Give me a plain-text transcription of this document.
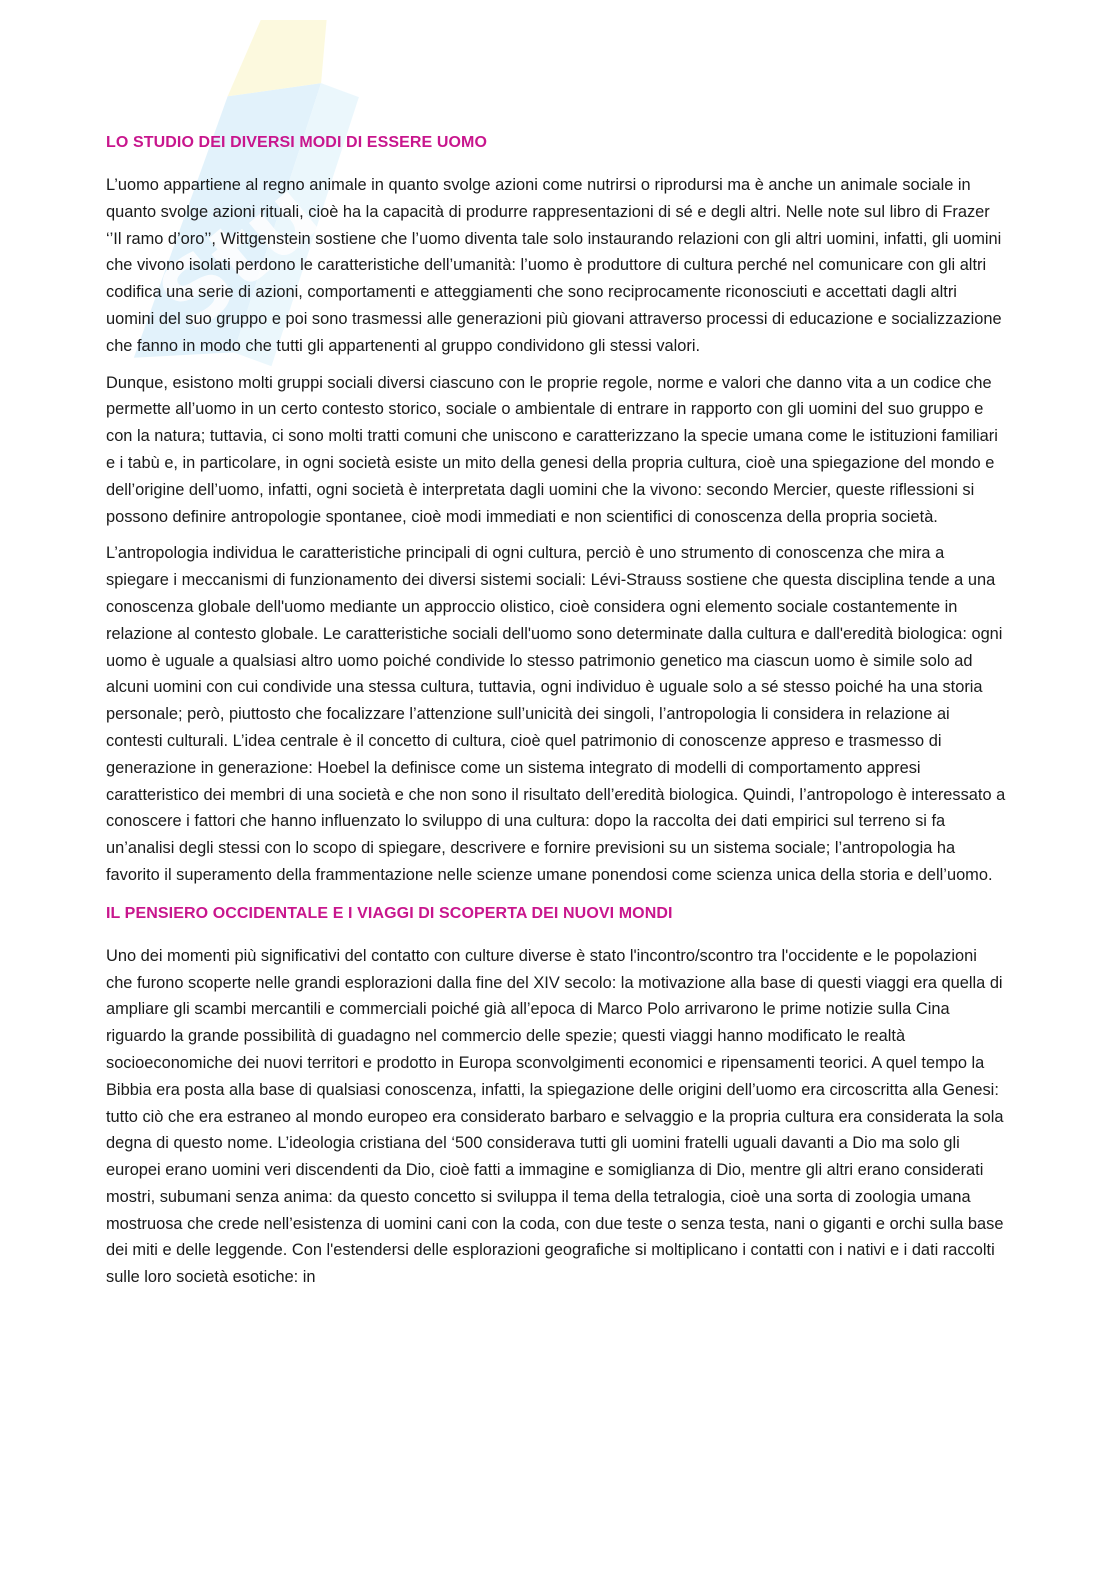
Stu
LO STUDIO DEI DIVERSI MODI DI ESSERE UOMO

L’uomo appartiene al regno animale in quanto svolge azioni come nutrirsi o riprodursi ma è anche un animale sociale in quanto svolge azioni rituali, cioè ha la capacità di produrre rappresentazioni di sé e degli altri. Nelle note sul libro di Frazer ‘’Il ramo d’oro’’, Wittgenstein sostiene che l’uomo diventa tale solo instaurando relazioni con gli altri uomini, infatti, gli uomini che vivono isolati perdono le caratteristiche dell’umanità: l’uomo è produttore di cultura perché nel comunicare con gli altri codifica una serie di azioni, comportamenti e atteggiamenti che sono reciprocamente riconosciuti e accettati dagli altri uomini del suo gruppo e poi sono trasmessi alle generazioni più giovani attraverso processi di educazione e socializzazione che fanno in modo che tutti gli appartenenti al gruppo condividono gli stessi valori.

Dunque, esistono molti gruppi sociali diversi ciascuno con le proprie regole, norme e valori che danno vita a un codice che permette all’uomo in un certo contesto storico, sociale o ambientale di entrare in rapporto con gli uomini del suo gruppo e con la natura; tuttavia, ci sono molti tratti comuni che uniscono e caratterizzano la specie umana come le istituzioni familiari e i tabù e, in particolare, in ogni società esiste un mito della genesi della propria cultura, cioè una spiegazione del mondo e dell’origine dell’uomo, infatti, ogni società è interpretata dagli uomini che la vivono: secondo Mercier, queste riflessioni si possono definire antropologie spontanee, cioè modi immediati e non scientifici di conoscenza della propria società.

L’antropologia individua le caratteristiche principali di ogni cultura, perciò è uno strumento di conoscenza che mira a spiegare i meccanismi di funzionamento dei diversi sistemi sociali: Lévi-Strauss sostiene che questa disciplina tende a una conoscenza globale dell'uomo mediante un approccio olistico, cioè considera ogni elemento sociale costantemente in relazione al contesto globale. Le caratteristiche sociali dell'uomo sono determinate dalla cultura e dall'eredità biologica: ogni uomo è uguale a qualsiasi altro uomo poiché condivide lo stesso patrimonio genetico ma ciascun uomo è simile solo ad alcuni uomini con cui condivide una stessa cultura, tuttavia, ogni individuo è uguale solo a sé stesso poiché ha una storia personale; però, piuttosto che focalizzare l’attenzione sull’unicità dei singoli, l’antropologia li considera in relazione ai contesti culturali. L’idea centrale è il concetto di cultura, cioè quel patrimonio di conoscenze appreso e trasmesso di generazione in generazione: Hoebel la definisce come un sistema integrato di modelli di comportamento appresi caratteristico dei membri di una società e che non sono il risultato dell’eredità biologica. Quindi, l’antropologo è interessato a conoscere i fattori che hanno influenzato lo sviluppo di una cultura: dopo la raccolta dei dati empirici sul terreno si fa un’analisi degli stessi con lo scopo di spiegare, descrivere e fornire previsioni su un sistema sociale; l’antropologia ha favorito il superamento della frammentazione nelle scienze umane ponendosi come scienza unica della storia e dell’uomo.

IL PENSIERO OCCIDENTALE E I VIAGGI DI SCOPERTA DEI NUOVI MONDI

Uno dei momenti più significativi del contatto con culture diverse è stato l'incontro/scontro tra l'occidente e le popolazioni che furono scoperte nelle grandi esplorazioni dalla fine del XIV secolo: la motivazione alla base di questi viaggi era quella di ampliare gli scambi mercantili e commerciali poiché già all’epoca di Marco Polo arrivarono le prime notizie sulla Cina riguardo la grande possibilità di guadagno nel commercio delle spezie; questi viaggi hanno modificato le realtà socioeconomiche dei nuovi territori e prodotto in Europa sconvolgimenti economici e ripensamenti teorici. A quel tempo la Bibbia era posta alla base di qualsiasi conoscenza, infatti, la spiegazione delle origini dell’uomo era circoscritta alla Genesi: tutto ciò che era estraneo al mondo europeo era considerato barbaro e selvaggio e la propria cultura era considerata la sola degna di questo nome. L’ideologia cristiana del ‘500 considerava tutti gli uomini fratelli uguali davanti a Dio ma solo gli europei erano uomini veri discendenti da Dio, cioè fatti a immagine e somiglianza di Dio, mentre gli altri erano considerati mostri, subumani senza anima: da questo concetto si sviluppa il tema della tetralogia, cioè una sorta di zoologia umana mostruosa che crede nell’esistenza di uomini cani con la coda, con due teste o senza testa, nani o giganti e orchi sulla base dei miti e delle leggende. Con l'estendersi delle esplorazioni geografiche si moltiplicano i contatti con i nativi e i dati raccolti sulle loro società esotiche: in
